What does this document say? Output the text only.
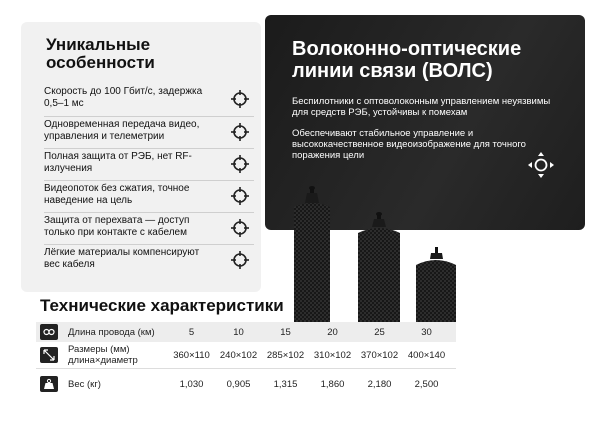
Уникальные особенности
Скорость до 100 Гбит/с, задержка 0,5–1 мс
Одновременная передача видео, управления и телеметрии
Полная защита от РЭБ, нет RF-излучения
Видеопоток без сжатия, точное наведение на цель
Защита от перехвата — доступ только при контакте с кабелем
Лёгкие материалы компенсируют вес кабеля
Волоконно-оптические линии связи (ВОЛС)
Беспилотники с оптоволоконным управлением неуязвимы для средств РЭБ, устойчивы к помехам
Обеспечивают стабильное управление и высококачественное видеоизображение для точного поражения цели
Технические характеристики
Длина провода (км)	5	10	15	20	25	30
Размеры (мм) длина×диаметр	360×110	240×102	285×102	310×102	370×102	400×140
Вес (кг)	1,030	0,905	1,315	1,860	2,180	2,500
